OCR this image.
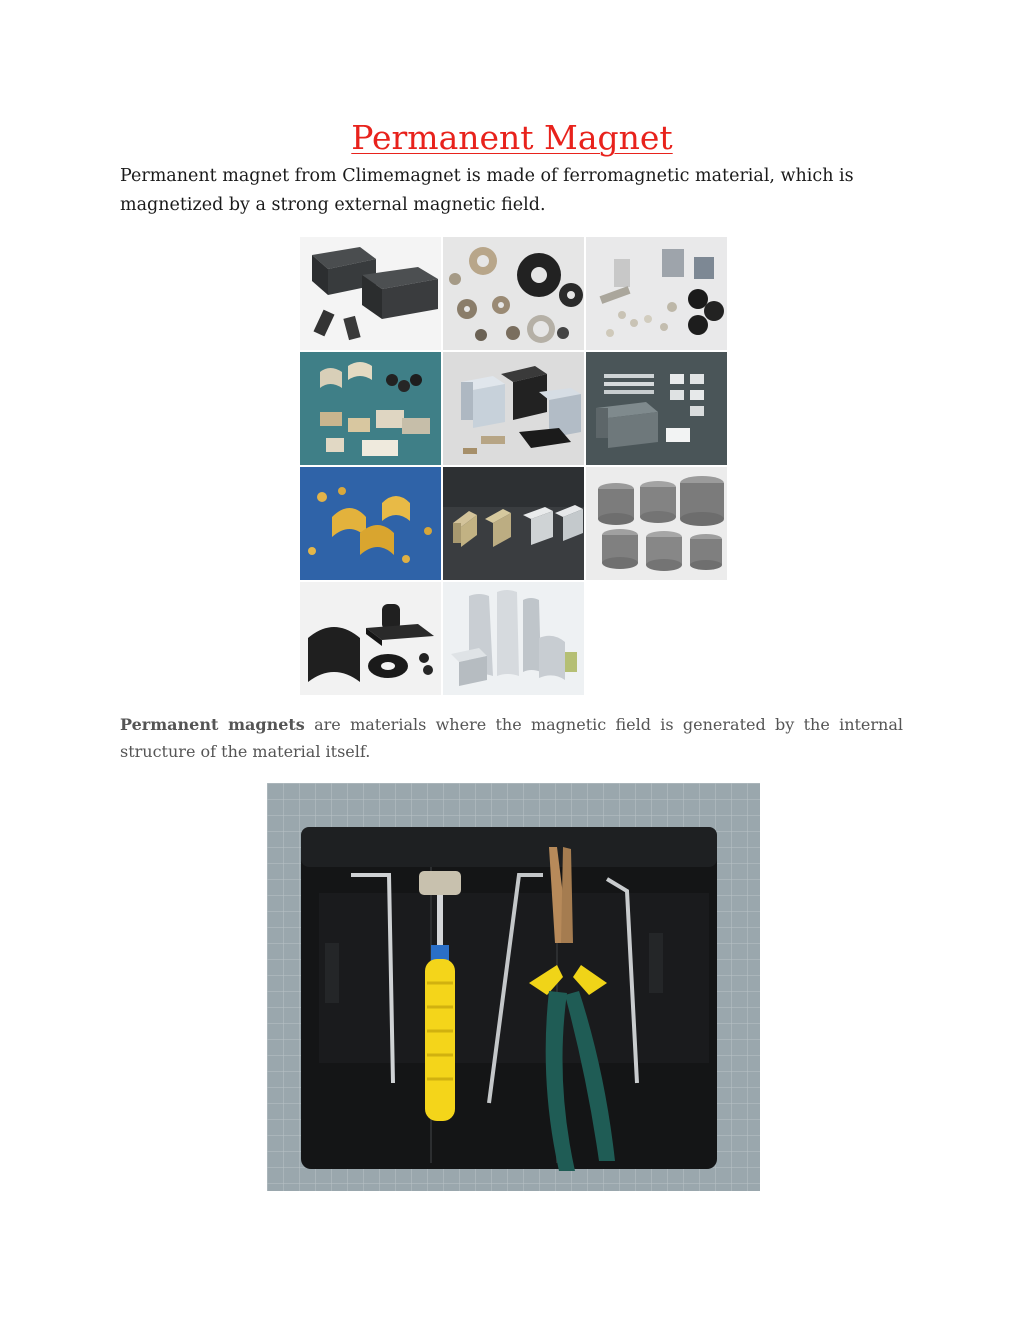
Permanent Magnet

Permanent magnet from Climemagnet is made of ferromagnetic material, which is magnetized by a strong external magnetic field.

Permanent magnets are materials where the magnetic field is generated by the internal structure of the material itself.
